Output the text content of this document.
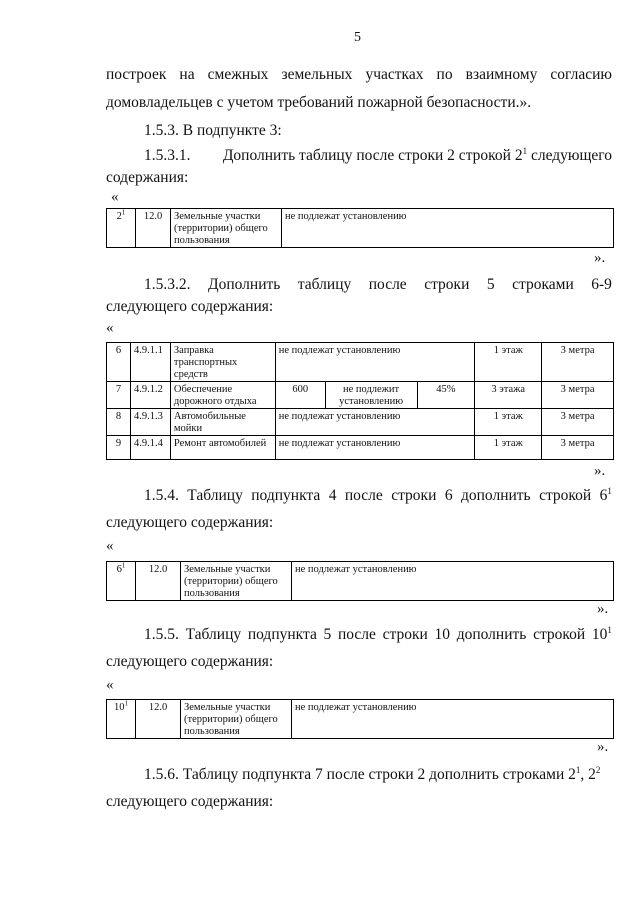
5
построек на смежных земельных участках по взаимному согласию
домовладельцев с учетом требований пожарной безопасности.».
1.5.3. В подпункте 3:
1.5.3.1. Дополнить таблицу после строки 2 строкой $2^1$ следующего
содержания:
«
$2^1$	12.0	Земельные участки (территории) общего пользования	не подлежат установлению
».
1.5.3.2. Дополнить таблицу после строки 5 строками 6-9
следующего содержания:
«
6	4.9.1.1	Заправка транспортных средств	не подлежат установлению			1 этаж	3 метра
7	4.9.1.2	Обеспечение дорожного отдыха	600	не подлежит установлению	45%	3 этажа	3 метра
8	4.9.1.3	Автомобильные мойки	не подлежат установлению			1 этаж	3 метра
9	4.9.1.4	Ремонт автомобилей	не подлежат установлению			1 этаж	3 метра
».
1.5.4. Таблицу подпункта 4 после строки 6 дополнить строкой $6^1$
следующего содержания:
«
$6^1$	12.0	Земельные участки (территории) общего пользования	не подлежат установлению
».
1.5.5. Таблицу подпункта 5 после строки 10 дополнить строкой $10^1$
следующего содержания:
«
$10^1$	12.0	Земельные участки (территории) общего пользования	не подлежат установлению
».
1.5.6. Таблицу подпункта 7 после строки 2 дополнить строками $2^1$, $2^2$
следующего содержания:
